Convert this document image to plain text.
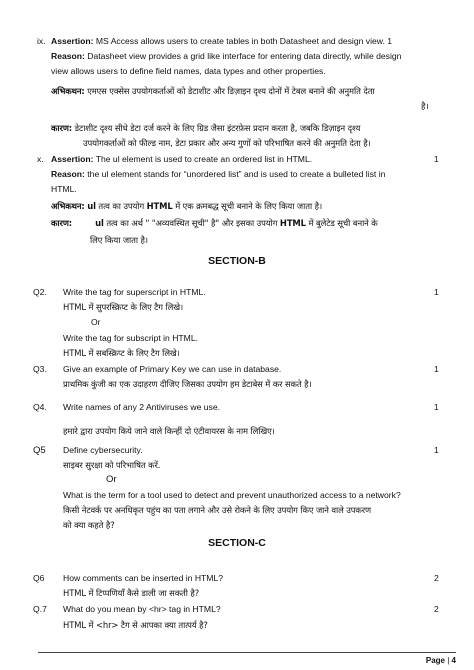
ix. Assertion: MS Access allows users to create tables in both Datasheet and design view. 1
Reason: Datasheet view provides a grid like interface for entering data directly, while design
view allows users to define field names, data types and other properties.
अभिकथन: एमएस एक्सेस उपयोगकर्ताओं को डेटाशीट और डिज़ाइन दृश्य दोनों में टेबल बनाने की अनुमति देता
है।
कारण: डेटाशीट दृश्य सीधे डेटा दर्ज करने के लिए ग्रिड जैसा इंटरफ़ेस प्रदान करता है, जबकि डिज़ाइन दृश्य
उपयोगकर्ताओं को फील्ड नाम, डेटा प्रकार और अन्य गुणों को परिभाषित करने की अनुमति देता है।
x. Assertion: The ul element is used to create an ordered list in HTML.	1
Reason: the ul element stands for “unordered list” and is used to create a bulleted list in
HTML.
अभिकथन: ul तत्व का उपयोग HTML में एक क्रमबद्ध सूची बनाने के लिए किया जाता है।
कारण:	ul तत्व का अर्थ " "अव्यवस्थित सूची" है" और इसका उपयोग HTML में बुलेटेड सूची बनाने के
लिए किया जाता है।
SECTION-B
Q2. Write the tag for superscript in HTML.	1
HTML में सुपरस्क्रिप्ट के लिए टैग लिखे।
Or
Write the tag for subscript in HTML.
HTML में सबस्क्रिप्ट के लिए टैग लिखे।
Q3. Give an example of Primary Key we can use in database.	1
प्राथमिक कुंजी का एक उदाहरण दीजिए जिसका उपयोग हम डेटाबेस में कर सकते है।
Q4. Write names of any 2 Antiviruses we use.	1
हमारे द्वारा उपयोग किये जाने वाले किन्हीं दो एंटीवायरस के नाम लिखिए।
Q5 Define cybersecurity.	1
साइबर सुरक्षा को परिभाषित करें.
Or
What is the term for a tool used to detect and prevent unauthorized access to a network?
किसी नेटवर्क पर अनधिकृत पहुंच का पता लगाने और उसे रोकने के लिए उपयोग किए जाने वाले उपकरण
को क्या कहते है?
SECTION-C
Q6 How comments can be inserted in HTML?	2
HTML में टिप्पणियाँ कैसे डाली जा सकती है?
Q.7 What do you mean by <hr> tag in HTML?	2
HTML में <hr> टैग से आपका क्या तात्पर्य है?
Page | 4
